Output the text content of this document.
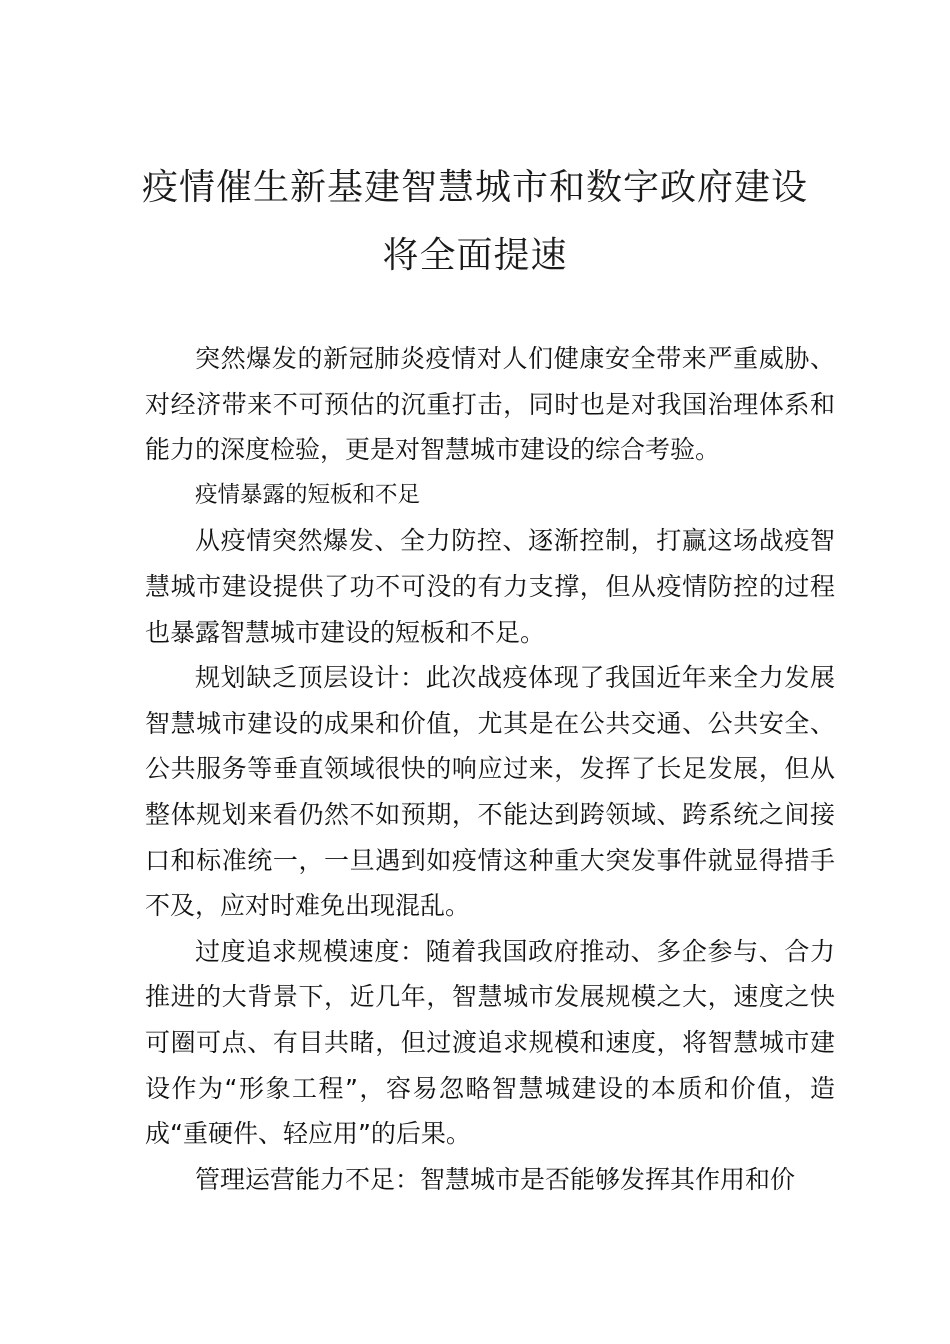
疫情催生新基建智慧城市和数字政府建设
将全面提速

突然爆发的新冠肺炎疫情对人们健康安全带来严重威胁、对经济带来不可预估的沉重打击，同时也是对我国治理体系和能力的深度检验，更是对智慧城市建设的综合考验。

疫情暴露的短板和不足

从疫情突然爆发、全力防控、逐渐控制，打赢这场战疫智慧城市建设提供了功不可没的有力支撑，但从疫情防控的过程也暴露智慧城市建设的短板和不足。

规划缺乏顶层设计：此次战疫体现了我国近年来全力发展智慧城市建设的成果和价值，尤其是在公共交通、公共安全、公共服务等垂直领域很快的响应过来，发挥了长足发展，但从整体规划来看仍然不如预期，不能达到跨领域、跨系统之间接口和标准统一，一旦遇到如疫情这种重大突发事件就显得措手不及，应对时难免出现混乱。

过度追求规模速度：随着我国政府推动、多企参与、合力推进的大背景下，近几年，智慧城市发展规模之大，速度之快可圈可点、有目共睹，但过渡追求规模和速度，将智慧城市建设作为“形象工程”，容易忽略智慧城建设的本质和价值，造成“重硬件、轻应用”的后果。

管理运营能力不足：智慧城市是否能够发挥其作用和价
